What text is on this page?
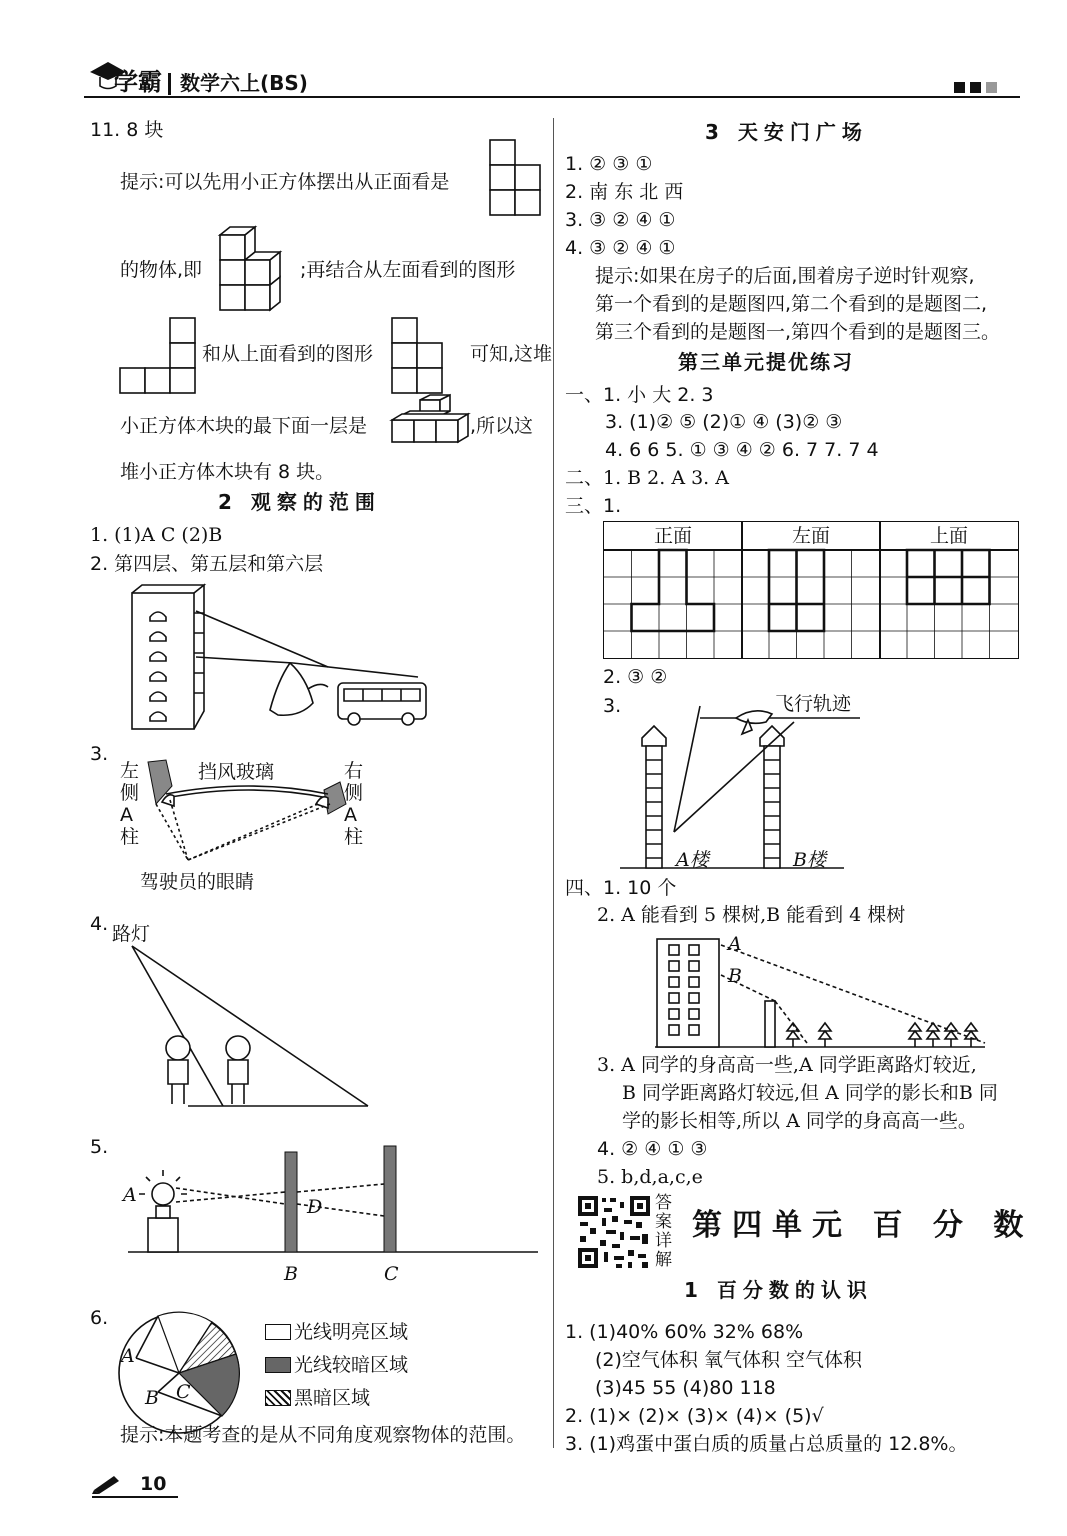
学霸 数学六上(BS)
11. 8 块
提示:可以先用小正方体摆出从正面看是
的物体,即	;再结合从左面看到的图形
和从上面看到的图形	可知,这堆
小正方体木块的最下面一层是	,所以这
堆小正方体木块有 8 块。
2 观察的范围
1. (1)A C (2)B
2. 第四层、第五层和第六层
3.
左侧A柱
挡风玻璃	右侧A柱
驾驶员的眼睛
4. 路灯
5.
A
D
B	C
6.
A
B C
光线明亮区域
光线较暗区域
黑暗区域
提示:本题考查的是从不同角度观察物体的范围。
10
3 天安门广场
1. ② ③ ①
2. 南 东 北 西
3. ③ ② ④ ①
4. ③ ② ④ ①
提示:如果在房子的后面,围着房子逆时针观察,
第一个看到的是题图四,第二个看到的是题图二,
第三个看到的是题图一,第四个看到的是题图三。
第三单元提优练习
一、1. 小 大 2. 3
3. (1)② ⑤ (2)① ④ (3)② ③
4. 6 6 5. ① ③ ④ ② 6. 7 7. 7 4
二、1. B 2. A 3. A
三、1.
正面	左面	上面
2. ③ ②
3.	飞行轨迹
A楼	B楼
四、1. 10 个
2. A 能看到 5 棵树,B 能看到 4 棵树
A
B
3. A 同学的身高高一些,A 同学距离路灯较近,
B 同学距离路灯较远,但 A 同学的影长和B 同
学的影长相等,所以 A 同学的身高高一些。
4. ② ④ ① ③
5. b,d,a,c,e
答案详解
第四单元 百 分 数
1 百分数的认识
1. (1)40% 60% 32% 68%
(2)空气体积 氧气体积 空气体积
(3)45 55 (4)80 118
2. (1)× (2)× (3)× (4)× (5)√
3. (1)鸡蛋中蛋白质的质量占总质量的 12.8%。
